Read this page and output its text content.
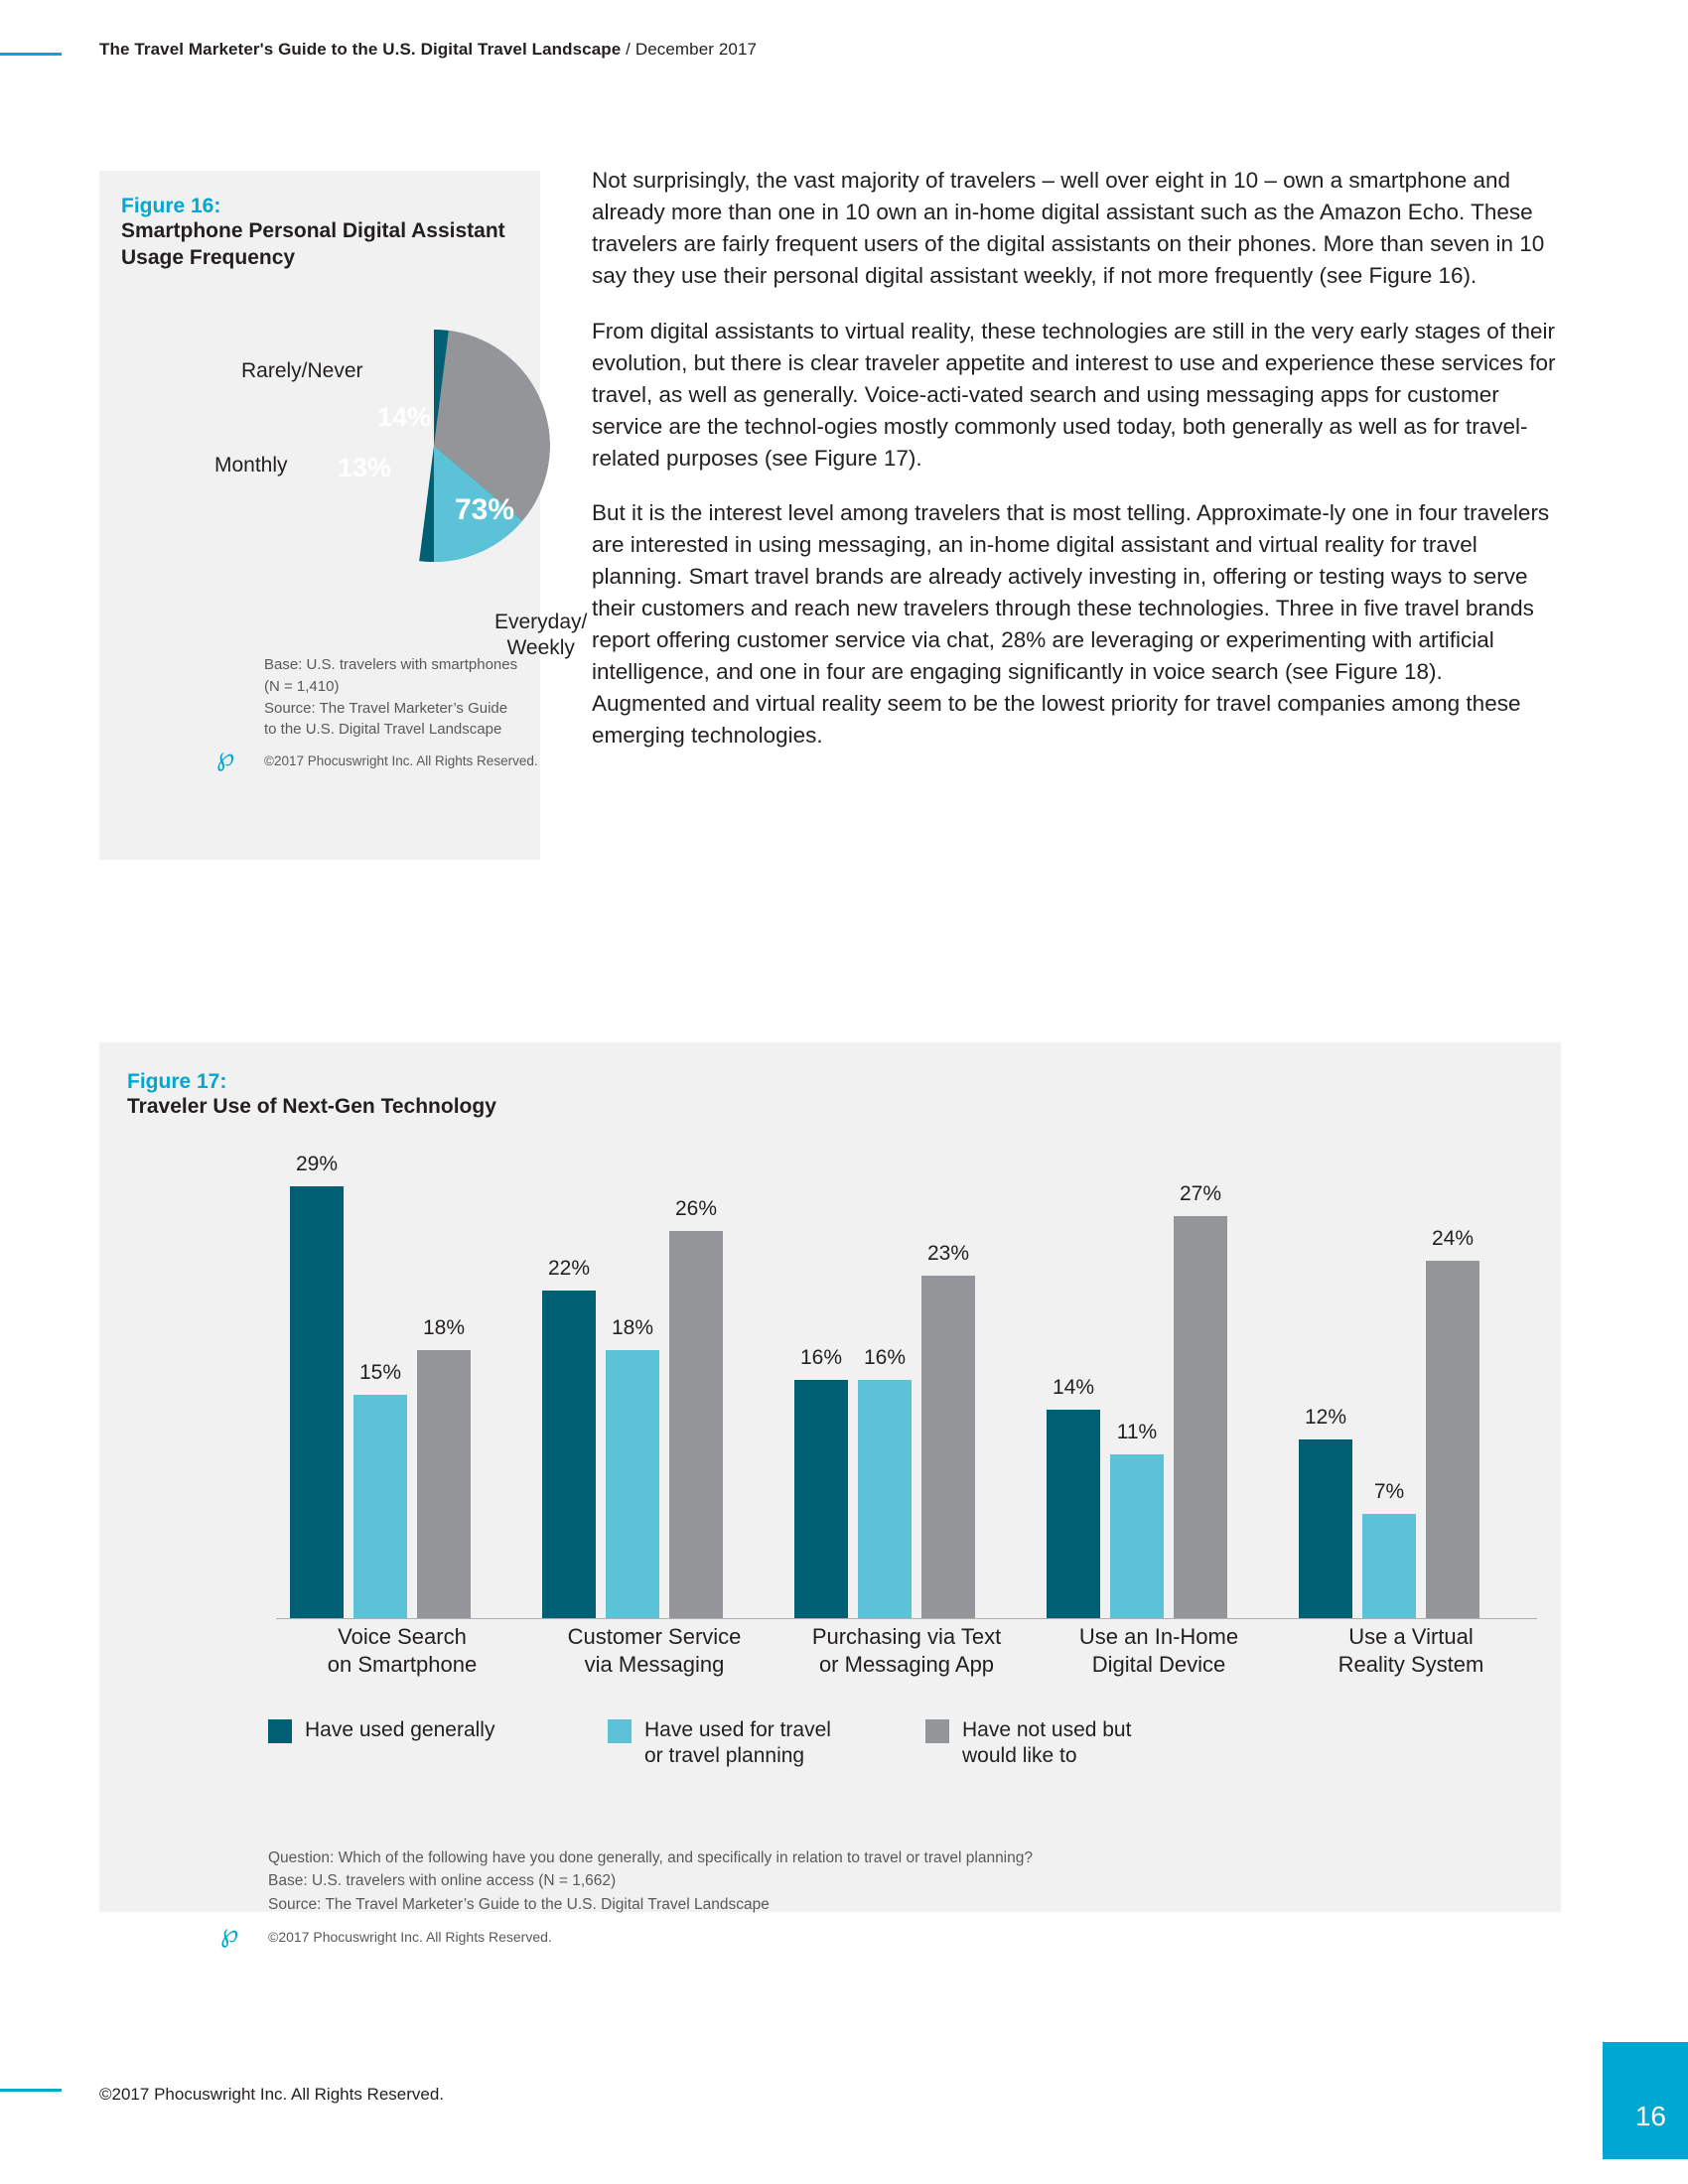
The Travel Marketer's Guide to the U.S. Digital Travel Landscape / December 2017
Figure 16:
Smartphone Personal Digital Assistant Usage Frequency
Rarely/Never
Monthly
Everyday/
Weekly
73%
14%
13%
Base: U.S. travelers with smartphones
(N = 1,410)
Source: The Travel Marketer’s Guide
to the U.S. Digital Travel Landscape
℘	©2017 Phocuswright Inc. All Rights Reserved.

Not surprisingly, the vast majority of travelers – well over eight in 10 – own a smartphone and already more than one in 10 own an in-home digital assistant such as the Amazon Echo. These travelers are fairly frequent users of the digital assistants on their phones. More than seven in 10 say they use their personal digital assistant weekly, if not more frequently (see Figure 16).

From digital assistants to virtual reality, these technologies are still in the very early stages of their evolution, but there is clear traveler appetite and interest to use and experience these services for travel, as well as generally. Voice-acti-vated search and using messaging apps for customer service are the technol-ogies mostly commonly used today, both generally as well as for travel-related purposes (see Figure 17).

But it is the interest level among travelers that is most telling. Approximate-ly one in four travelers are interested in using messaging, an in-home digital assistant and virtual reality for travel planning. Smart travel brands are already actively investing in, offering or testing ways to serve their customers and reach new travelers through these technologies. Three in five travel brands report offering customer service via chat, 28% are leveraging or experimenting with artificial intelligence, and one in four are engaging significantly in voice search (see Figure 18). Augmented and virtual reality seem to be the lowest priority for travel companies among these emerging technologies.

Figure 17:
Traveler Use of Next-Gen Technology
29%
15%
18%
22%
18%
26%
16%	16%
23%
14%
11%
27%
12%
7%
24%
Voice Search
on Smartphone
Customer Service
via Messaging
Purchasing via Text
or Messaging App
Use an In-Home
Digital Device
Use a Virtual
Reality System
Have used generally	Have used for travel
or travel planning
Have not used but
would like to
Question: Which of the following have you done generally, and specifically in relation to travel or travel planning?
Base: U.S. travelers with online access (N = 1,662)
Source: The Travel Marketer’s Guide to the U.S. Digital Travel Landscape
℘	©2017 Phocuswright Inc. All Rights Reserved.
©2017 Phocuswright Inc. All Rights Reserved.
16
